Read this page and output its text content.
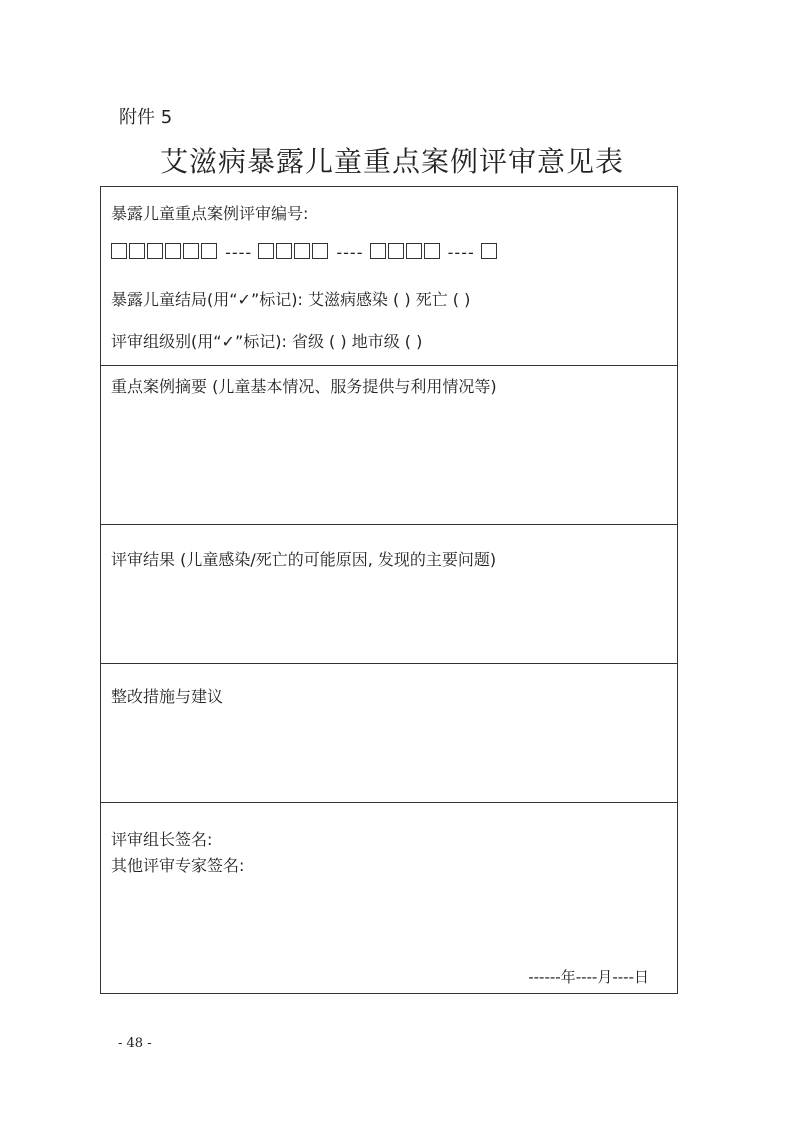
附件 5
艾滋病暴露儿童重点案例评审意见表
暴露儿童重点案例评审编号:
----	----	----
暴露儿童结局(用“✓”标记): 艾滋病感染 ( ) 死亡 ( )
评审组级别(用“✓”标记): 省级 ( ) 地市级 ( )
重点案例摘要 (儿童基本情况、服务提供与利用情况等)
评审结果 (儿童感染/死亡的可能原因, 发现的主要问题)
整改措施与建议
评审组长签名:
其他评审专家签名:
------年----月----日
- 48 -
